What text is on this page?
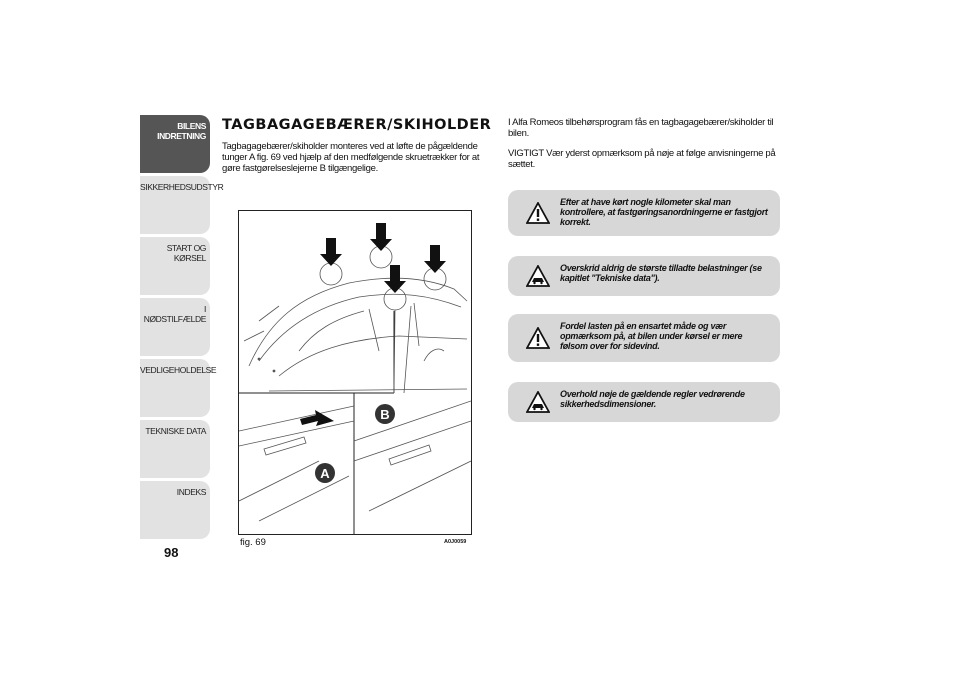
BILENS
INDRETNING
SIKKERHEDSUDSTYR
START OG KØRSEL
I NØDSTILFÆLDE
VEDLIGEHOLDELSE
TEKNISKE DATA
INDEKS
98
TAGBAGAGEBÆRER/SKIHOLDER
Tagbagagebærer/skiholder monteres ved at løfte de pågældende tunger A fig. 69 ved hjælp af den medfølgende skruetrækker for at gøre fastgørelseslejerne B tilgængelige.
A
B
fig. 69	A0J0059

I Alfa Romeos tilbehørsprogram fås en tagbagagebærer/skiholder til bilen.

VIGTIGT Vær yderst opmærksom på nøje at følge anvisningerne på sættet.

Efter at have kørt nogle kilometer skal man kontrollere, at fastgøringsanordningerne er fastgjort korrekt.
Overskrid aldrig de største tilladte belastninger (se kapitlet "Tekniske data").
Fordel lasten på en ensartet måde og vær opmærksom på, at bilen under kørsel er mere følsom over for sidevind.
Overhold nøje de gældende regler vedrørende sikkerhedsdimensioner.
